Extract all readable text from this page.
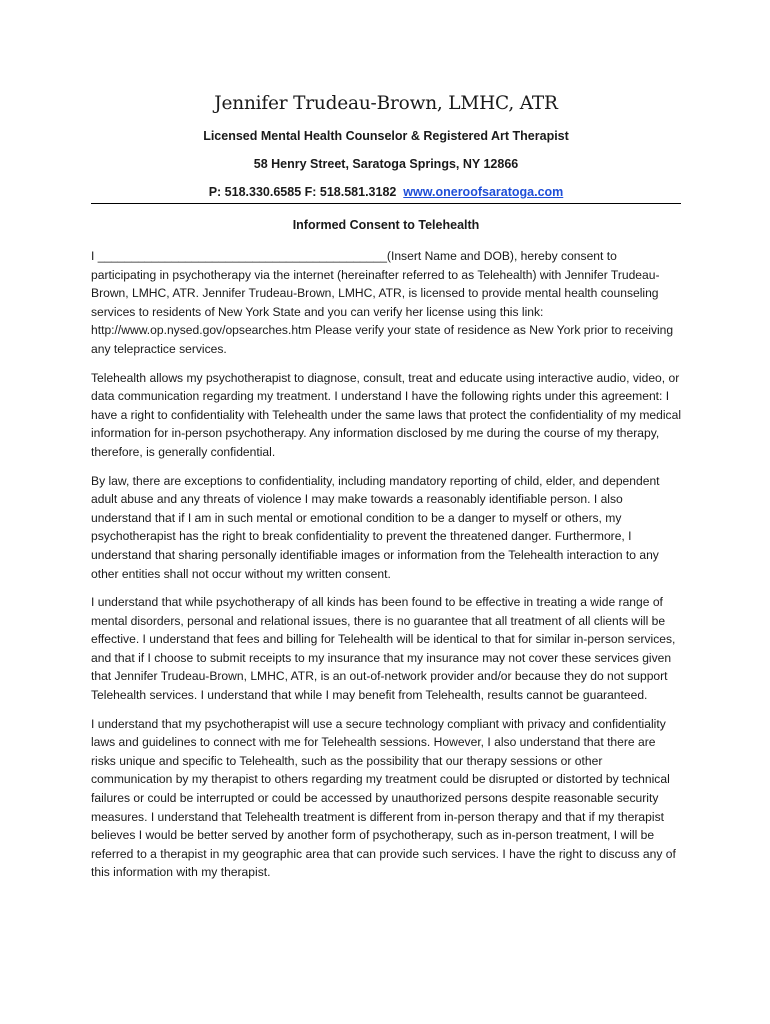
Jennifer Trudeau-Brown, LMHC, ATR
Licensed Mental Health Counselor & Registered Art Therapist
58 Henry Street, Saratoga Springs, NY 12866
P: 518.330.6585 F: 518.581.3182  www.oneroofsaratoga.com
Informed Consent to Telehealth

I ___________________________________________(Insert Name and DOB), hereby consent to participating in psychotherapy via the internet (hereinafter referred to as Telehealth) with Jennifer Trudeau-Brown, LMHC, ATR. Jennifer Trudeau-Brown, LMHC, ATR, is licensed to provide mental health counseling services to residents of New York State and you can verify her license using this link: http://www.op.nysed.gov/opsearches.htm Please verify your state of residence as New York prior to receiving any telepractice services.

Telehealth allows my psychotherapist to diagnose, consult, treat and educate using interactive audio, video, or data communication regarding my treatment. I understand I have the following rights under this agreement: I have a right to confidentiality with Telehealth under the same laws that protect the confidentiality of my medical information for in-person psychotherapy. Any information disclosed by me during the course of my therapy, therefore, is generally confidential.

By law, there are exceptions to confidentiality, including mandatory reporting of child, elder, and dependent adult abuse and any threats of violence I may make towards a reasonably identifiable person. I also understand that if I am in such mental or emotional condition to be a danger to myself or others, my psychotherapist has the right to break confidentiality to prevent the threatened danger. Furthermore, I understand that sharing personally identifiable images or information from the Telehealth interaction to any other entities shall not occur without my written consent.

I understand that while psychotherapy of all kinds has been found to be effective in treating a wide range of mental disorders, personal and relational issues, there is no guarantee that all treatment of all clients will be effective. I understand that fees and billing for Telehealth will be identical to that for similar in-person services, and that if I choose to submit receipts to my insurance that my insurance may not cover these services given that Jennifer Trudeau-Brown, LMHC, ATR, is an out-of-network provider and/or because they do not support Telehealth services. I understand that while I may benefit from Telehealth, results cannot be guaranteed.

I understand that my psychotherapist will use a secure technology compliant with privacy and confidentiality laws and guidelines to connect with me for Telehealth sessions. However, I also understand that there are risks unique and specific to Telehealth, such as the possibility that our therapy sessions or other communication by my therapist to others regarding my treatment could be disrupted or distorted by technical failures or could be interrupted or could be accessed by unauthorized persons despite reasonable security measures. I understand that Telehealth treatment is different from in-person therapy and that if my therapist believes I would be better served by another form of psychotherapy, such as in-person treatment, I will be referred to a therapist in my geographic area that can provide such services. I have the right to discuss any of this information with my therapist.
